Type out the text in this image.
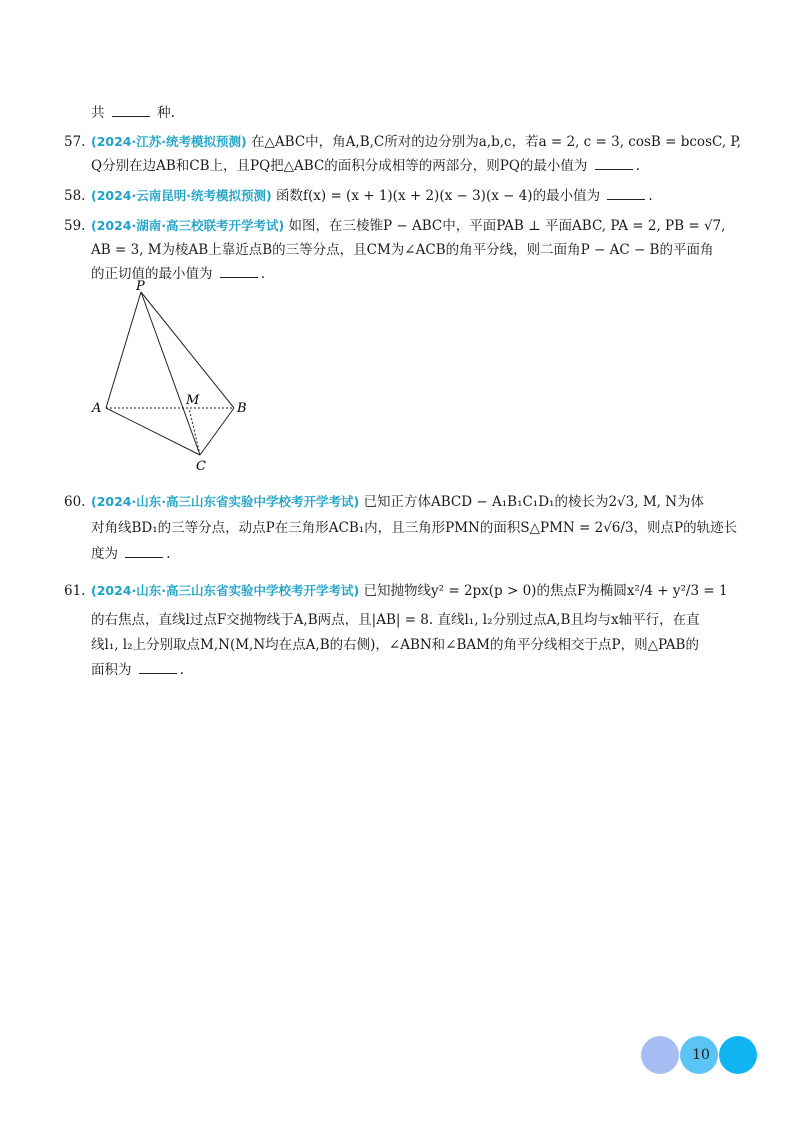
共	种.
57. (2024·江苏·统考模拟预测) 在△ABC中，角A,B,C所对的边分别为a,b,c，若a = 2, c = 3, cosB = bcosC, P,
Q分别在边AB和CB上，且PQ把△ABC的面积分成相等的两部分，则PQ的最小值为	.
58. (2024·云南昆明·统考模拟预测) 函数f(x) = (x + 1)(x + 2)(x − 3)(x − 4)的最小值为	.
59. (2024·湖南·高三校联考开学考试) 如图，在三棱锥P − ABC中，平面PAB ⊥ 平面ABC, PA = 2, PB = √7,
AB = 3, M为棱AB上靠近点B的三等分点，且CM为∠ACB的角平分线，则二面角P − AC − B的平面角
的正切值的最小值为	.
P
A
M
B
C
60. (2024·山东·高三山东省实验中学校考开学考试) 已知正方体ABCD − A₁B₁C₁D₁的棱长为2√3, M, N为体
对角线BD₁的三等分点，动点P在三角形ACB₁内，且三角形PMN的面积S△PMN = 2√6/3，则点P的轨迹长
度为	.
61. (2024·山东·高三山东省实验中学校考开学考试) 已知抛物线y² = 2px(p > 0)的焦点F为椭圆x²/4 + y²/3 = 1
的右焦点，直线l过点F交抛物线于A,B两点，且|AB| = 8. 直线l₁, l₂分别过点A,B且均与x轴平行，在直
线l₁, l₂上分别取点M,N(M,N均在点A,B的右侧)，∠ABN和∠BAM的角平分线相交于点P，则△PAB的
面积为	.
10
